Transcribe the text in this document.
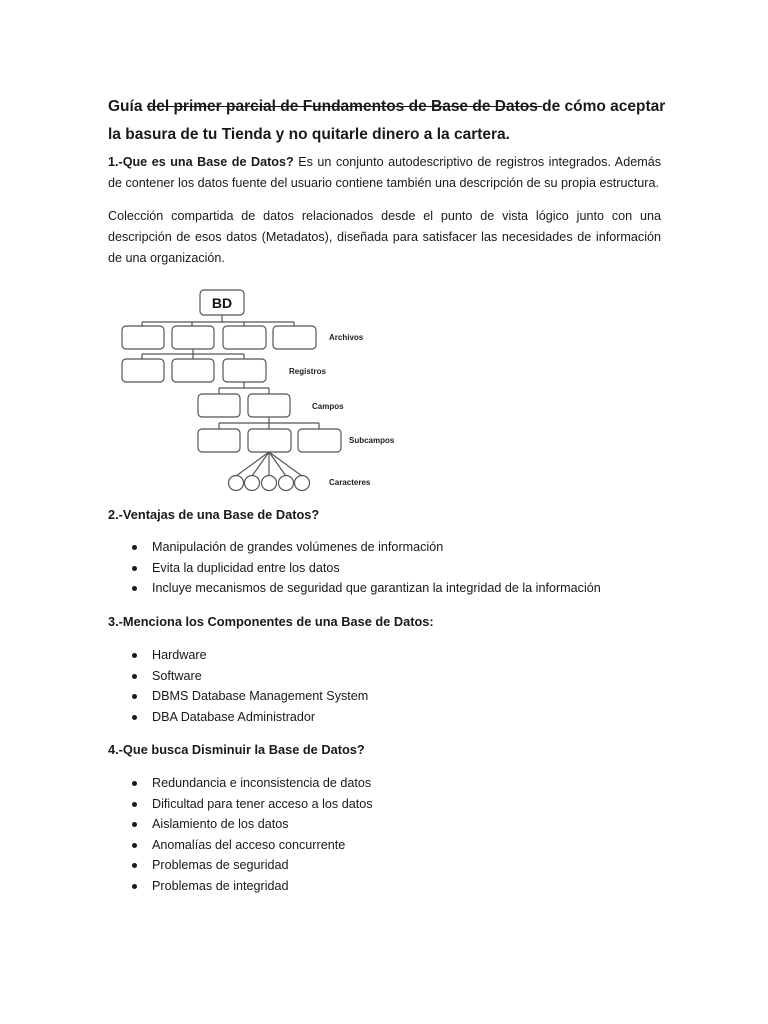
Guía del primer parcial de Fundamentos de Base de Datos de cómo aceptar la basura de tu Tienda y no quitarle dinero a la cartera.

1.-Que es una Base de Datos? Es un conjunto autodescriptivo de registros integrados. Además de contener los datos fuente del usuario contiene también una descripción de su propia estructura.

Colección compartida de datos relacionados desde el punto de vista lógico junto con una descripción de esos datos (Metadatos), diseñada para satisfacer las necesidades de información de una organización.

BD
Archivos
Registros
Campos
Subcampos
Caracteres

2.-Ventajas de una Base de Datos?

Manipulación de grandes volúmenes de información
Evita la duplicidad entre los datos
Incluye mecanismos de seguridad que garantizan la integridad de la información

3.-Menciona los Componentes de una Base de Datos:

Hardware
Software
DBMS Database Management System
DBA Database Administrador

4.-Que busca Disminuir la Base de Datos?

Redundancia e inconsistencia de datos
Dificultad para tener acceso a los datos
Aislamiento de los datos
Anomalías del acceso concurrente
Problemas de seguridad
Problemas de integridad
